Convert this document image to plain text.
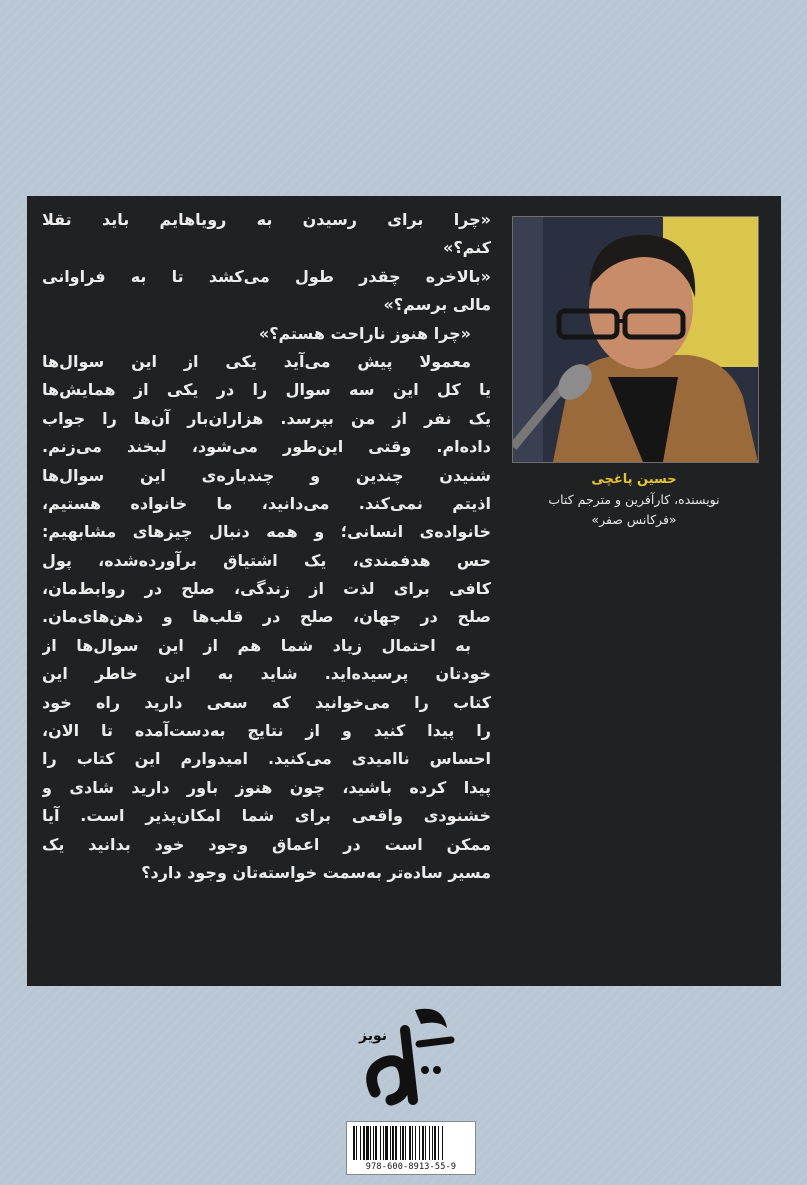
حسین پاغچی
نویسنده، کارآفرین و مترجم کتاب
«فرکانس صفر»
«چرا برای رسیدن به رویاهایم باید تقلا
کنم؟»
«بالاخره چقدر طول می‌کشد تا به فراوانی
مالی برسم؟»
«چرا هنوز ناراحت هستم؟»
معمولا پیش می‌آید یکی از این سوال‌ها
یا کل این سه سوال را در یکی از همایش‌ها
یک نفر از من بپرسد. هزاران‌بار آن‌ها را جواب
داده‌ام. وقتی این‌طور می‌شود، لبخند می‌زنم.
شنیدن چندین و چندباره‌ی این سوال‌ها
اذیتم نمی‌کند. می‌دانید، ما خانواده هستیم،
خانواده‌ی انسانی؛ و همه دنبال چیزهای مشابهیم:
حس هدفمندی، یک اشتیاق برآورده‌شده، پول
کافی برای لذت از زندگی، صلح در روابط‌مان،
صلح در جهان، صلح در قلب‌ها و ذهن‌های‌مان.
به احتمال زیاد شما هم از این سوال‌ها از
خودتان پرسیده‌اید. شاید به این خاطر این
کتاب را می‌خوانید که سعی دارید راه خود
را پیدا کنید و از نتایج به‌دست‌آمده تا الان،
احساس ناامیدی می‌کنید. امیدوارم این کتاب را
پیدا کرده باشید، چون هنوز باور دارید شادی و
خشنودی واقعی برای شما امکان‌پذیر است. آیا
ممکن است در اعماق وجود خود بدانید یک
مسیر ساده‌تر به‌سمت خواسته‌تان وجود دارد؟
نویز
978-600-8913-55-9
